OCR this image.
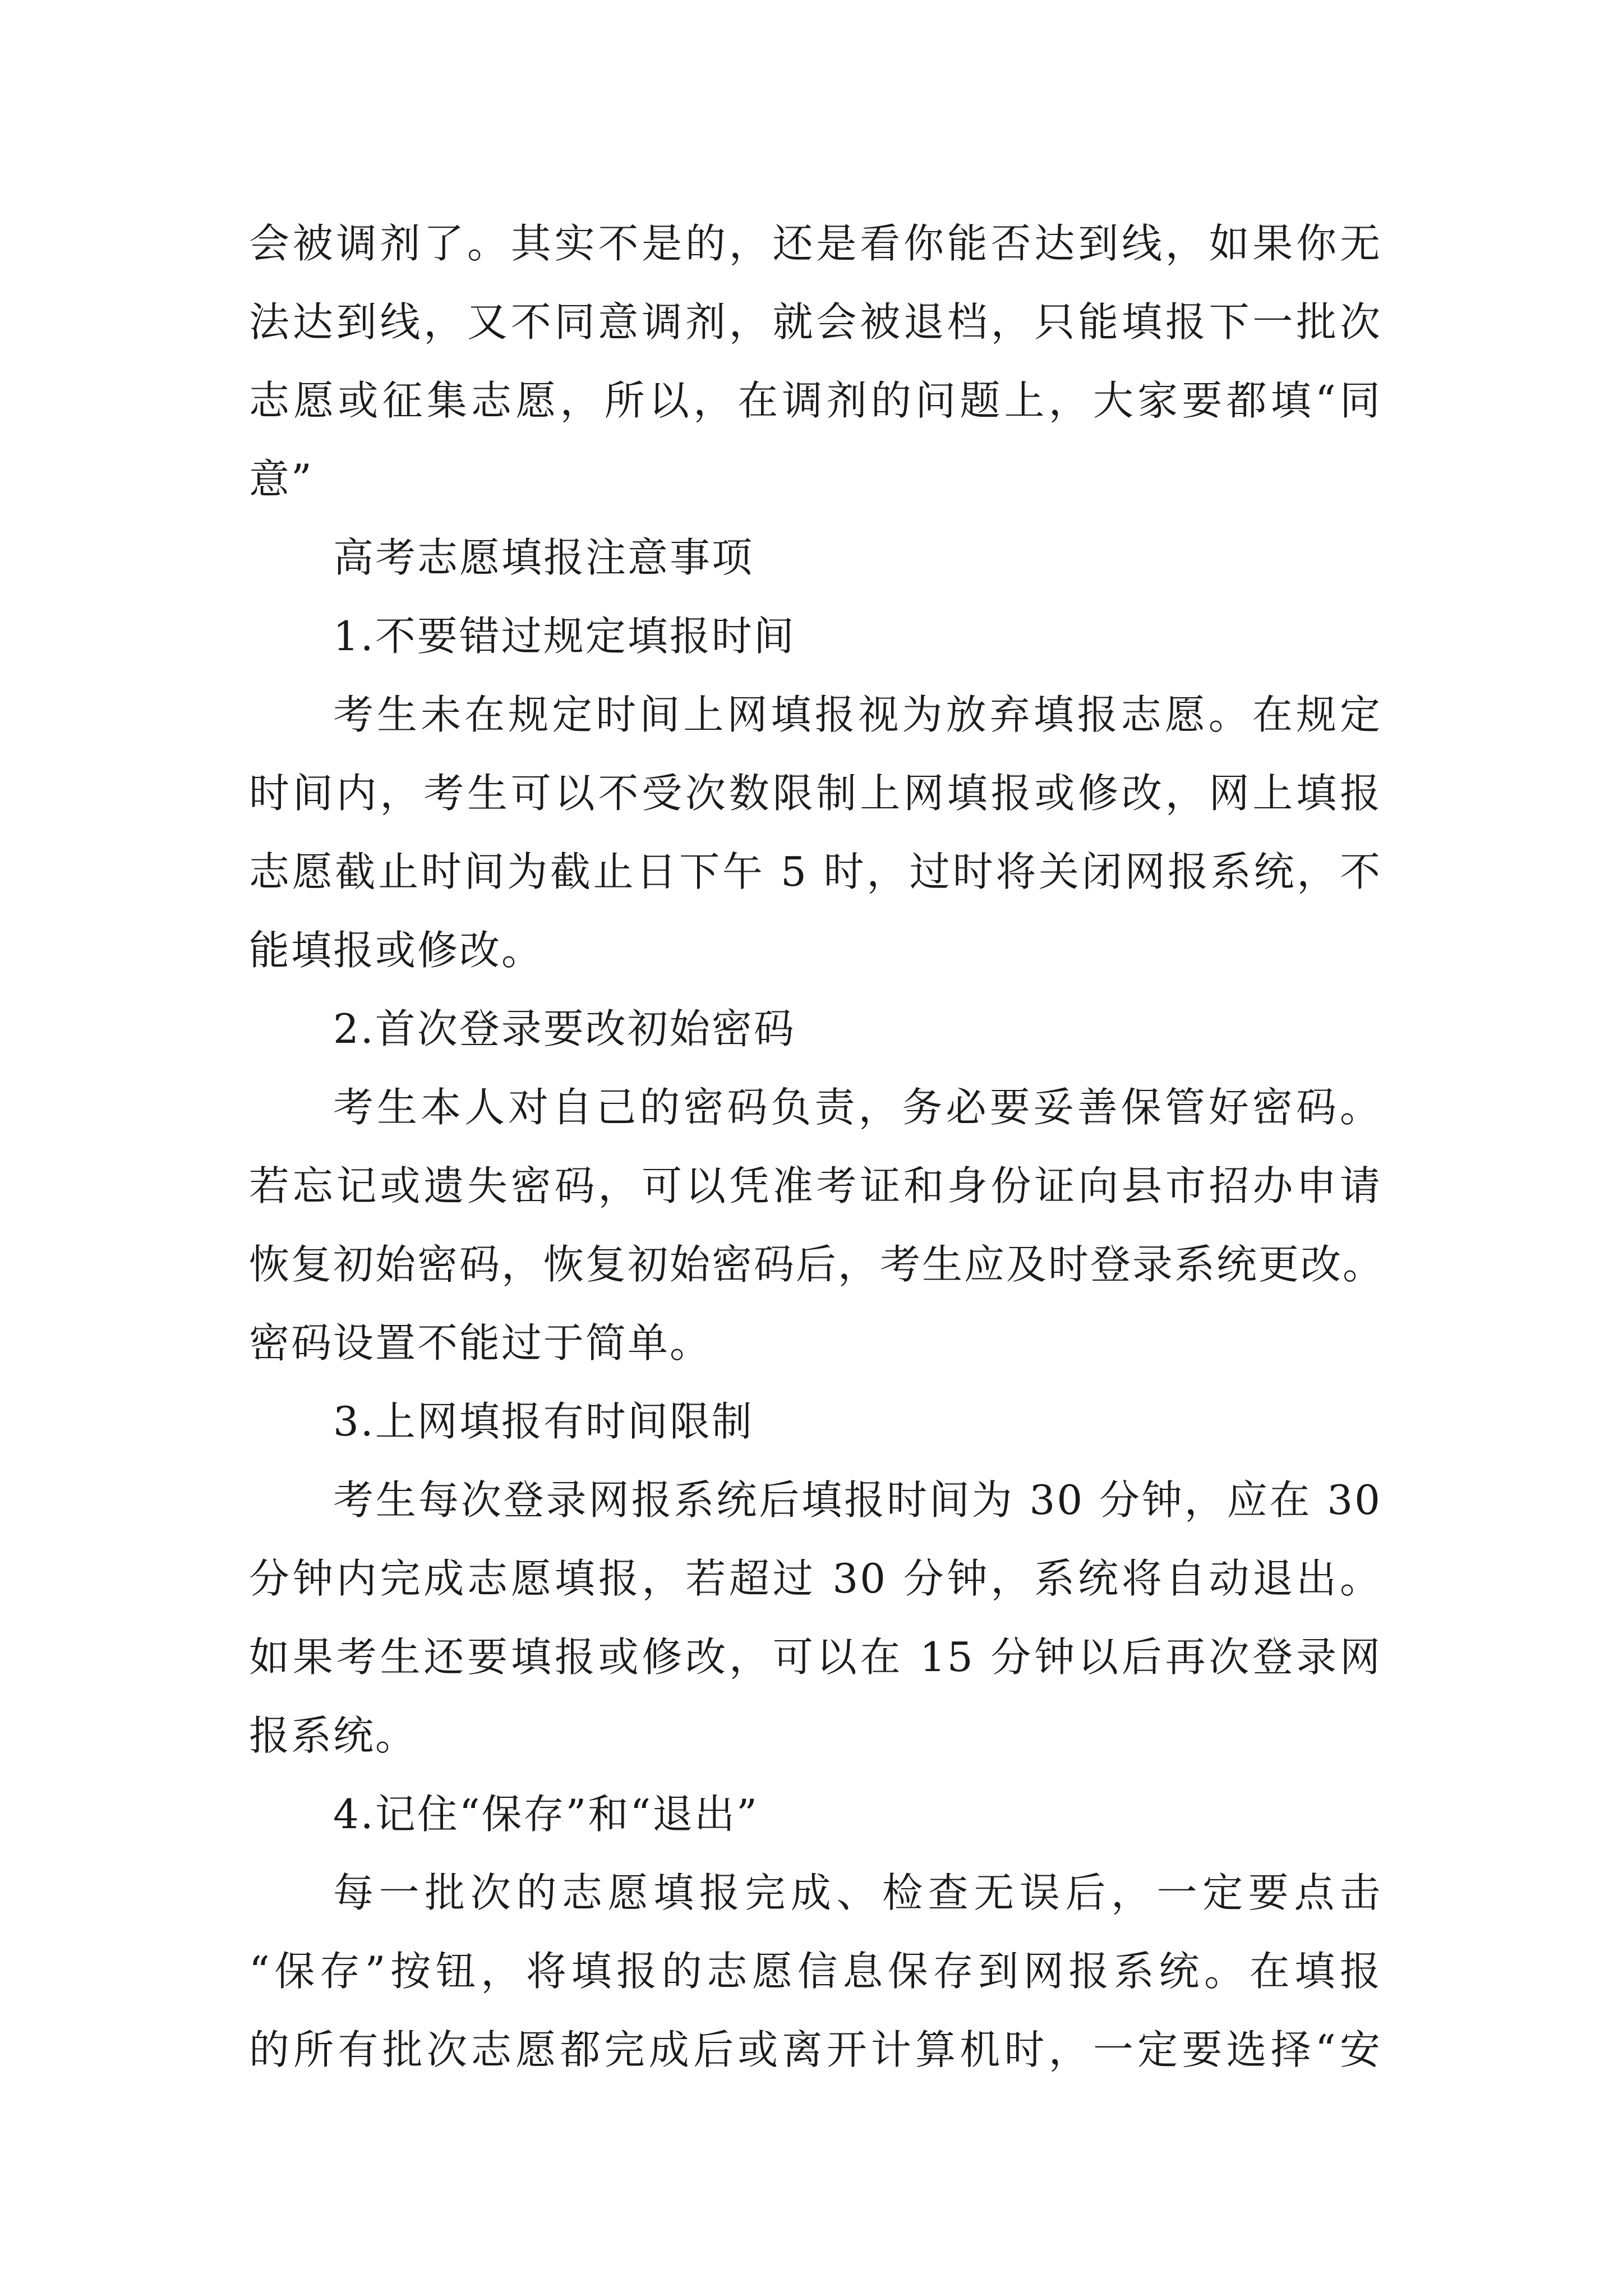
会被调剂了。其实不是的，还是看你能否达到线，如果你无
法达到线，又不同意调剂，就会被退档，只能填报下一批次
志愿或征集志愿，所以，在调剂的问题上，大家要都填“同
意”
高考志愿填报注意事项
1.不要错过规定填报时间
考生未在规定时间上网填报视为放弃填报志愿。在规定
时间内，考生可以不受次数限制上网填报或修改，网上填报
志愿截止时间为截止日下午 5 时，过时将关闭网报系统，不
能填报或修改。
2.首次登录要改初始密码
考生本人对自己的密码负责，务必要妥善保管好密码。
若忘记或遗失密码，可以凭准考证和身份证向县市招办申请
恢复初始密码，恢复初始密码后，考生应及时登录系统更改。
密码设置不能过于简单。
3.上网填报有时间限制
考生每次登录网报系统后填报时间为 30 分钟，应在 30
分钟内完成志愿填报，若超过 30 分钟，系统将自动退出。
如果考生还要填报或修改，可以在 15 分钟以后再次登录网
报系统。
4.记住“保存”和“退出”
每一批次的志愿填报完成、检查无误后，一定要点击
“保存”按钮，将填报的志愿信息保存到网报系统。在填报
的所有批次志愿都完成后或离开计算机时，一定要选择“安
